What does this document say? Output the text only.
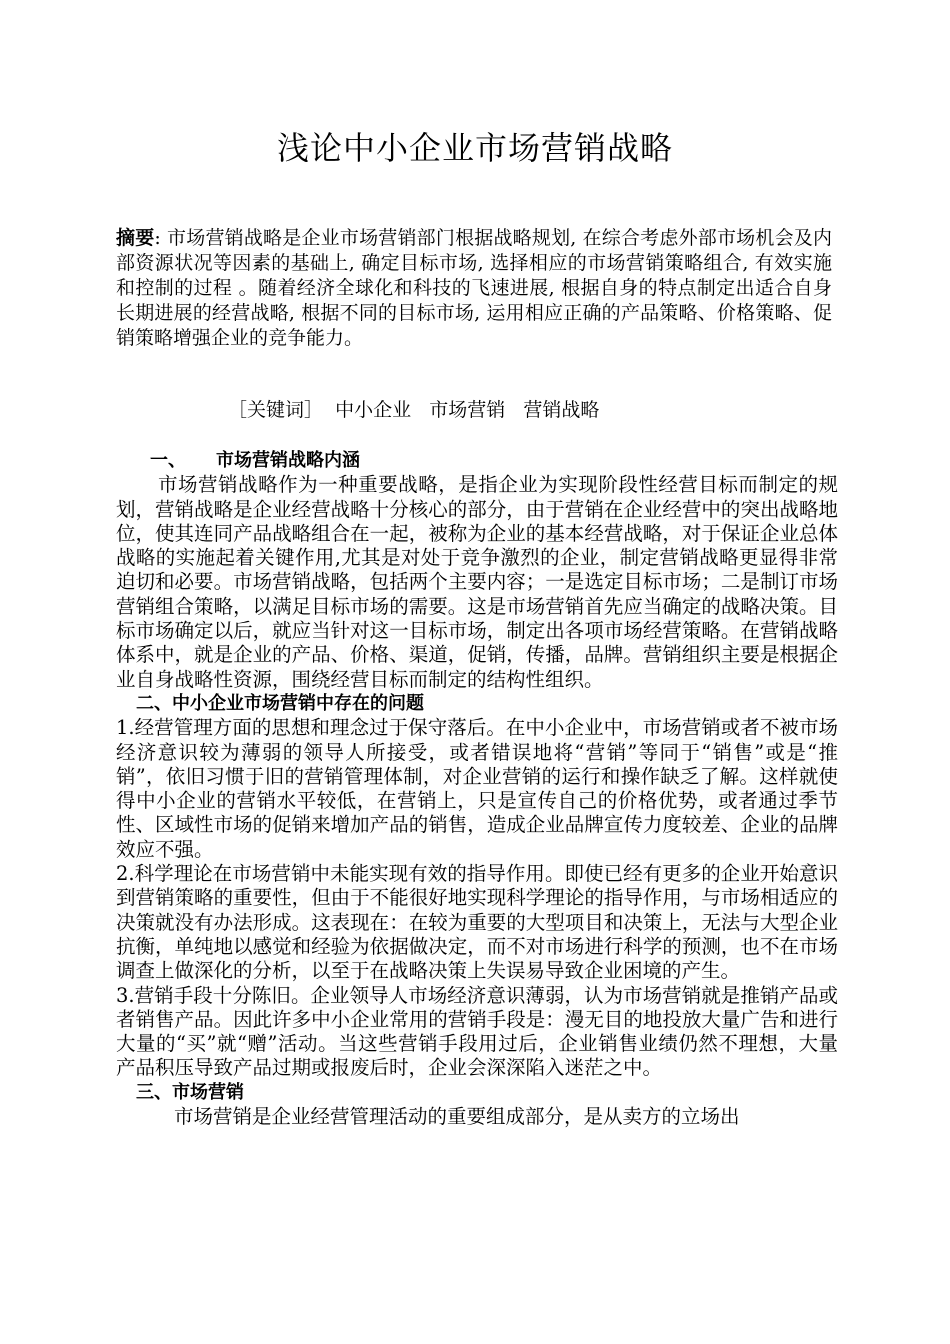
浅论中小企业市场营销战略

摘要: 市场营销战略是企业市场营销部门根据战略规划, 在综合考虑外部市场机会及内部资源状况等因素的基础上, 确定目标市场, 选择相应的市场营销策略组合, 有效实施和控制的过程 。随着经济全球化和科技的飞速进展, 根据自身的特点制定出适合自身长期进展的经营战略, 根据不同的目标市场, 运用相应正确的产品策略、价格策略、促销策略增强企业的竞争能力。

［关键词］  中小企业   市场营销   营销战略

一、 市场营销战略内涵

市场营销战略作为一种重要战略，是指企业为实现阶段性经营目标而制定的规划，营销战略是企业经营战略十分核心的部分，由于营销在企业经营中的突出战略地位，使其连同产品战略组合在一起，被称为企业的基本经营战略，对于保证企业总体战略的实施起着关键作用,尤其是对处于竞争激烈的企业，制定营销战略更显得非常迫切和必要。市场营销战略，包括两个主要内容；一是选定目标市场；二是制订市场营销组合策略，以满足目标市场的需要。这是市场营销首先应当确定的战略决策。目标市场确定以后，就应当针对这一目标市场，制定出各项市场经营策略。在营销战略体系中，就是企业的产品、价格、渠道，促销，传播，品牌。营销组织主要是根据企业自身战略性资源，围绕经营目标而制定的结构性组织。

二、中小企业市场营销中存在的问题

1.经营管理方面的思想和理念过于保守落后。在中小企业中，市场营销或者不被市场经济意识较为薄弱的领导人所接受，或者错误地将“营销”等同于“销售”或是“推销”，依旧习惯于旧的营销管理体制，对企业营销的运行和操作缺乏了解。这样就使得中小企业的营销水平较低，在营销上，只是宣传自己的价格优势，或者通过季节性、区域性市场的促销来增加产品的销售，造成企业品牌宣传力度较差、企业的品牌效应不强。

2.科学理论在市场营销中未能实现有效的指导作用。即使已经有更多的企业开始意识到营销策略的重要性，但由于不能很好地实现科学理论的指导作用，与市场相适应的决策就没有办法形成。这表现在：在较为重要的大型项目和决策上，无法与大型企业抗衡，单纯地以感觉和经验为依据做决定，而不对市场进行科学的预测，也不在市场调查上做深化的分析，以至于在战略决策上失误易导致企业困境的产生。

3.营销手段十分陈旧。企业领导人市场经济意识薄弱，认为市场营销就是推销产品或者销售产品。因此许多中小企业常用的营销手段是：漫无目的地投放大量广告和进行大量的“买”就“赠”活动。当这些营销手段用过后，企业销售业绩仍然不理想，大量产品积压导致产品过期或报废后时，企业会深深陷入迷茫之中。

三、市场营销

市场营销是企业经营管理活动的重要组成部分，是从卖方的立场出
